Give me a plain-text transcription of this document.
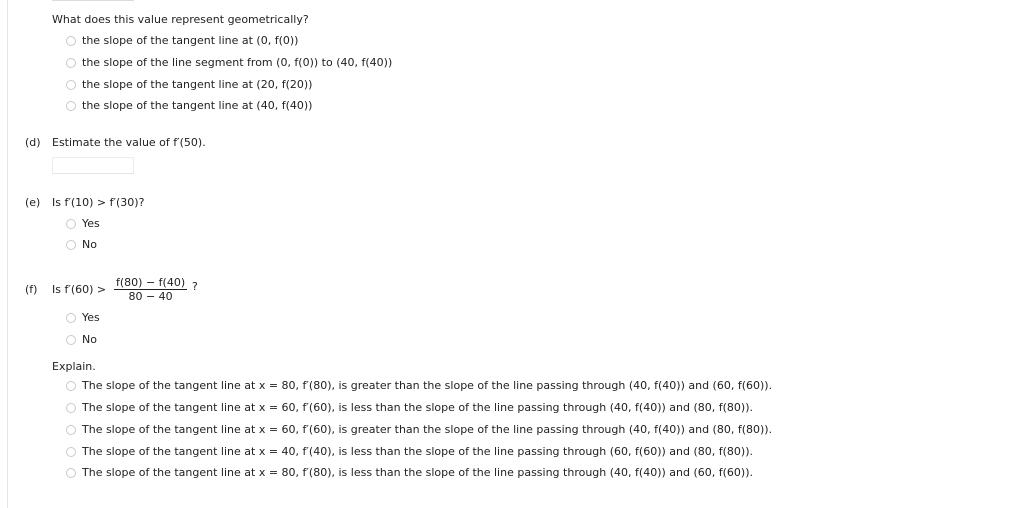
What does this value represent geometrically?
the slope of the tangent line at (0, f(0))
the slope of the line segment from (0, f(0)) to (40, f(40))
the slope of the tangent line at (20, f(20))
the slope of the tangent line at (40, f(40))
(d) Estimate the value of f′(50).
(e) Is f′(10) > f′(30)?
Yes
No
(f) Is $f'(60) > \frac{f(80) - f(40)}{80 - 40}$ ?
Yes
No
Explain.
The slope of the tangent line at x = 80, f′(80), is greater than the slope of the line passing through (40, f(40)) and (60, f(60)).
The slope of the tangent line at x = 60, f′(60), is less than the slope of the line passing through (40, f(40)) and (80, f(80)).
The slope of the tangent line at x = 60, f′(60), is greater than the slope of the line passing through (40, f(40)) and (80, f(80)).
The slope of the tangent line at x = 40, f′(40), is less than the slope of the line passing through (60, f(60)) and (80, f(80)).
The slope of the tangent line at x = 80, f′(80), is less than the slope of the line passing through (40, f(40)) and (60, f(60)).
